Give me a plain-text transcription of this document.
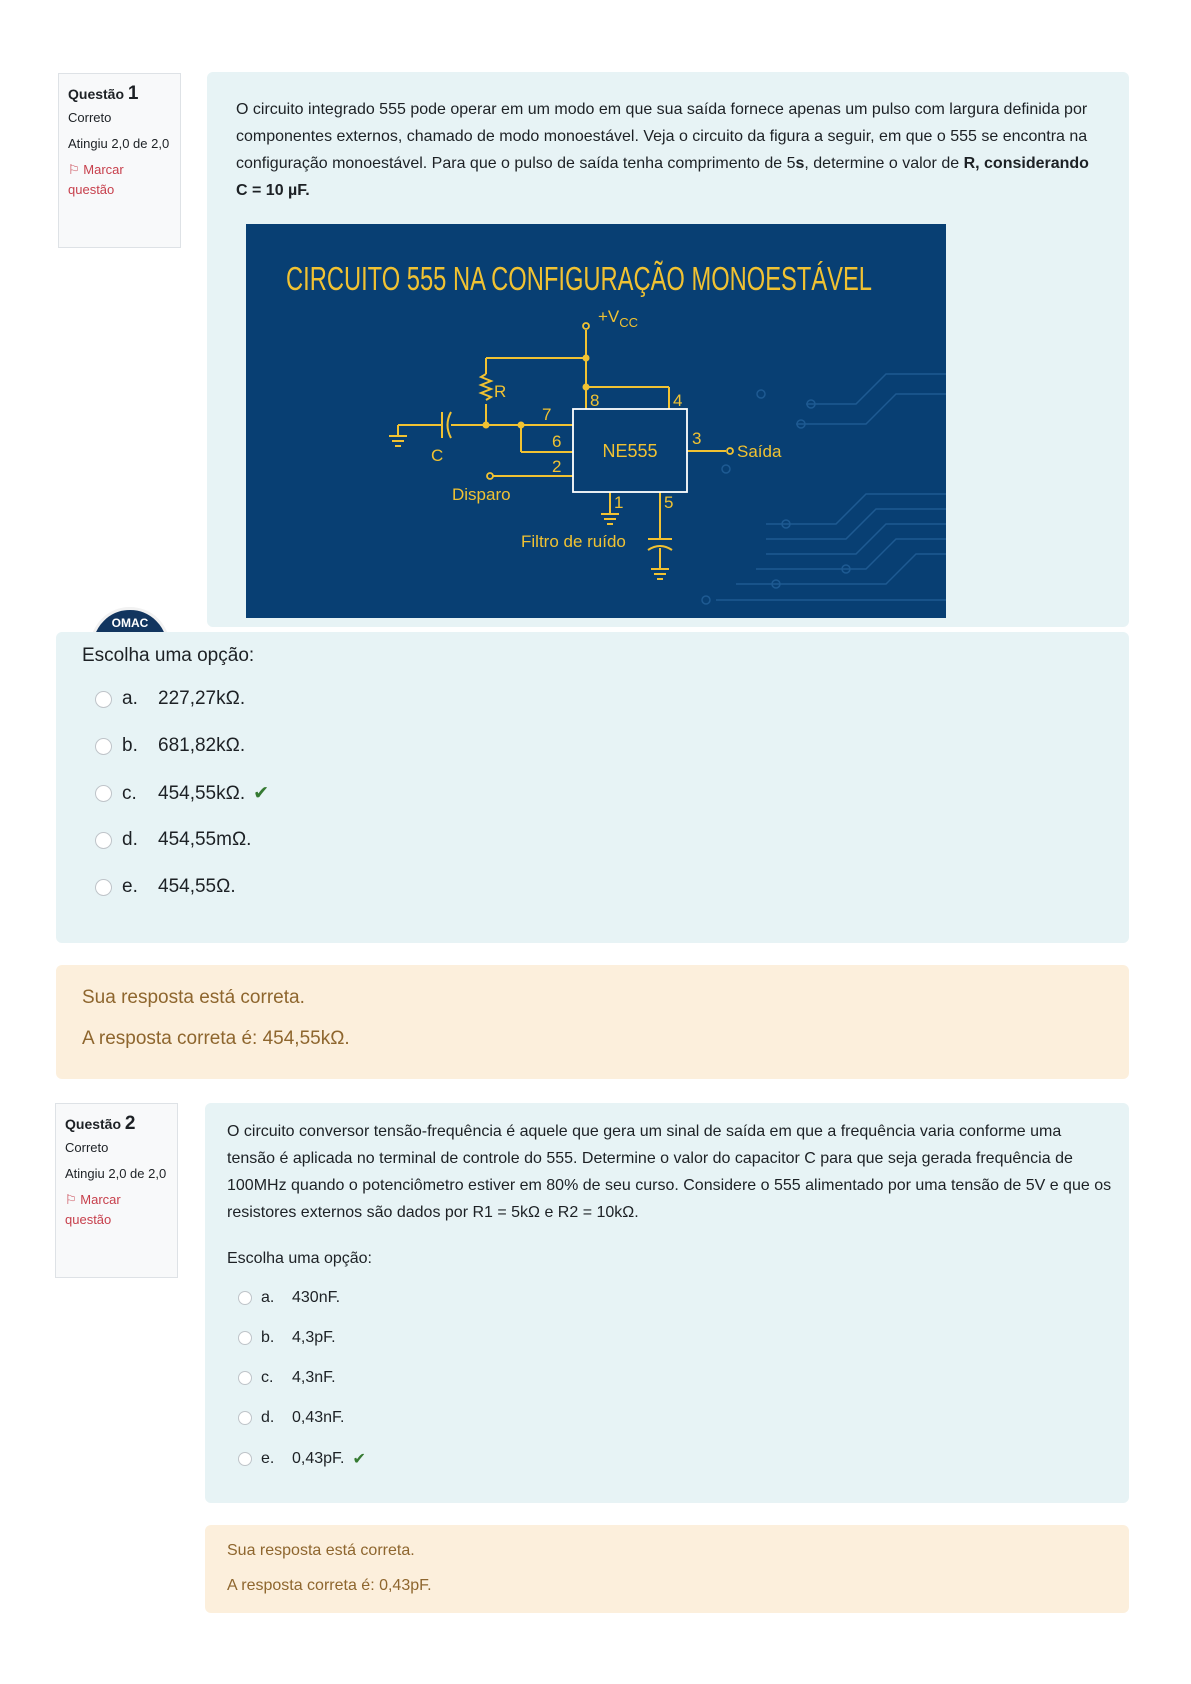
Questão 1
Correto
Atingiu 2,0 de 2,0
⚐ Marcar questão
O circuito integrado 555 pode operar em um modo em que sua saída fornece apenas um pulso com largura definida por componentes externos, chamado de modo monoestável. Veja o circuito da figura a seguir, em que o 555 se encontra na configuração monoestável. Para que o pulso de saída tenha comprimento de 5s, determine o valor de R, considerando C = 10 µF.
CIRCUITO 555 NA CONFIGURAÇÃO MONOESTÁVEL
NE555
$+V_{CC}$
R
C
Disparo
Saída
Filtro de ruído
8	4
7
6
2
3
1 5
OMAC
Escolha uma opção:
a.	227,27kΩ.
b.	681,82kΩ.
c.	454,55kΩ. ✔
d.	454,55mΩ.
e.	454,55Ω.
Sua resposta está correta.
A resposta correta é: 454,55kΩ.
Questão 2
Correto
Atingiu 2,0 de 2,0
⚐ Marcar questão
O circuito conversor tensão-frequência é aquele que gera um sinal de saída em que a frequência varia conforme uma tensão é aplicada no terminal de controle do 555. Determine o valor do capacitor C para que seja gerada frequência de 100MHz quando o potenciômetro estiver em 80% de seu curso. Considere o 555 alimentado por uma tensão de 5V e que os resistores externos são dados por R1 = 5kΩ e R2 = 10kΩ.
Escolha uma opção:
a.	430nF.
b.	4,3pF.
c.	4,3nF.
d.	0,43nF.
e.	0,43pF. ✔
Sua resposta está correta.
A resposta correta é: 0,43pF.
